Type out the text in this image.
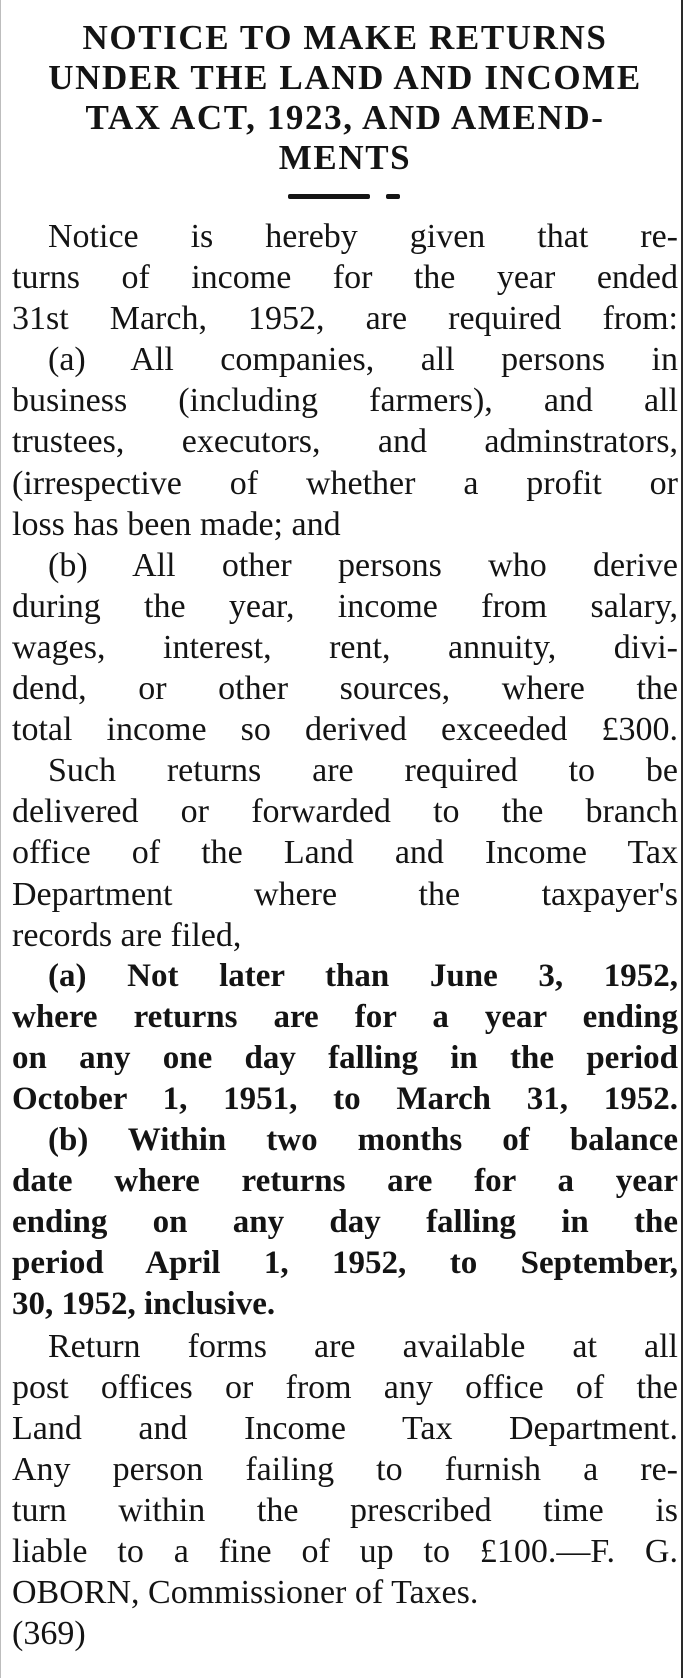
NOTICE TO MAKE RETURNS
UNDER THE LAND AND INCOME
TAX ACT, 1923, AND AMEND-
MENTS
Notice is hereby given that re-
turns of income for the year ended
31st March, 1952, are required from:
(a) All companies, all persons in
business (including farmers), and all
trustees, executors, and adminstrators,
(irrespective of whether a profit or
loss has been made; and
(b) All other persons who derive
during the year, income from salary,
wages, interest, rent, annuity, divi-
dend, or other sources, where the
total income so derived exceeded £300.
Such returns are required to be
delivered or forwarded to the branch
office of the Land and Income Tax
Department where the taxpayer's
records are filed,
(a) Not later than June 3, 1952,
where returns are for a year ending
on any one day falling in the period
October 1, 1951, to March 31, 1952.
(b) Within two months of balance
date where returns are for a year
ending on any day falling in the
period April 1, 1952, to September,
30, 1952, inclusive.
Return forms are available at all
post offices or from any office of the
Land and Income Tax Department.
Any person failing to furnish a re-
turn within the prescribed time is
liable to a fine of up to £100.—F. G.
OBORN, Commissioner of Taxes.
(369)
